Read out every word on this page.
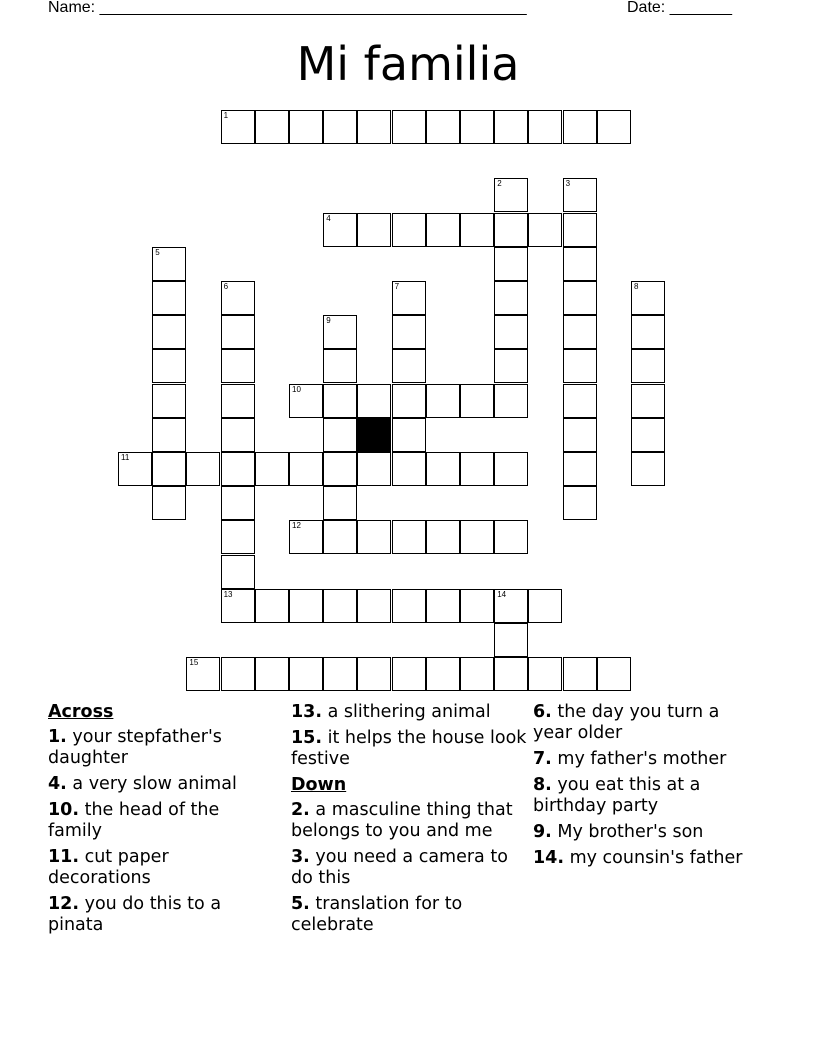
Name: ________________________________________________	Date: _______
Mi familia
1
2	3
4
5
6	7	8
9
10
11
12
13	14
15
Across
1. your stepfather's daughter
4. a very slow animal
10. the head of the family
11. cut paper decorations
12. you do this to a pinata
13. a slithering animal
15. it helps the house look festive
Down
2. a masculine thing that belongs to you and me
3. you need a camera to do this
5. translation for to celebrate
6. the day you turn a year older
7. my father's mother
8. you eat this at a birthday party
9. My brother's son
14. my counsin's father
